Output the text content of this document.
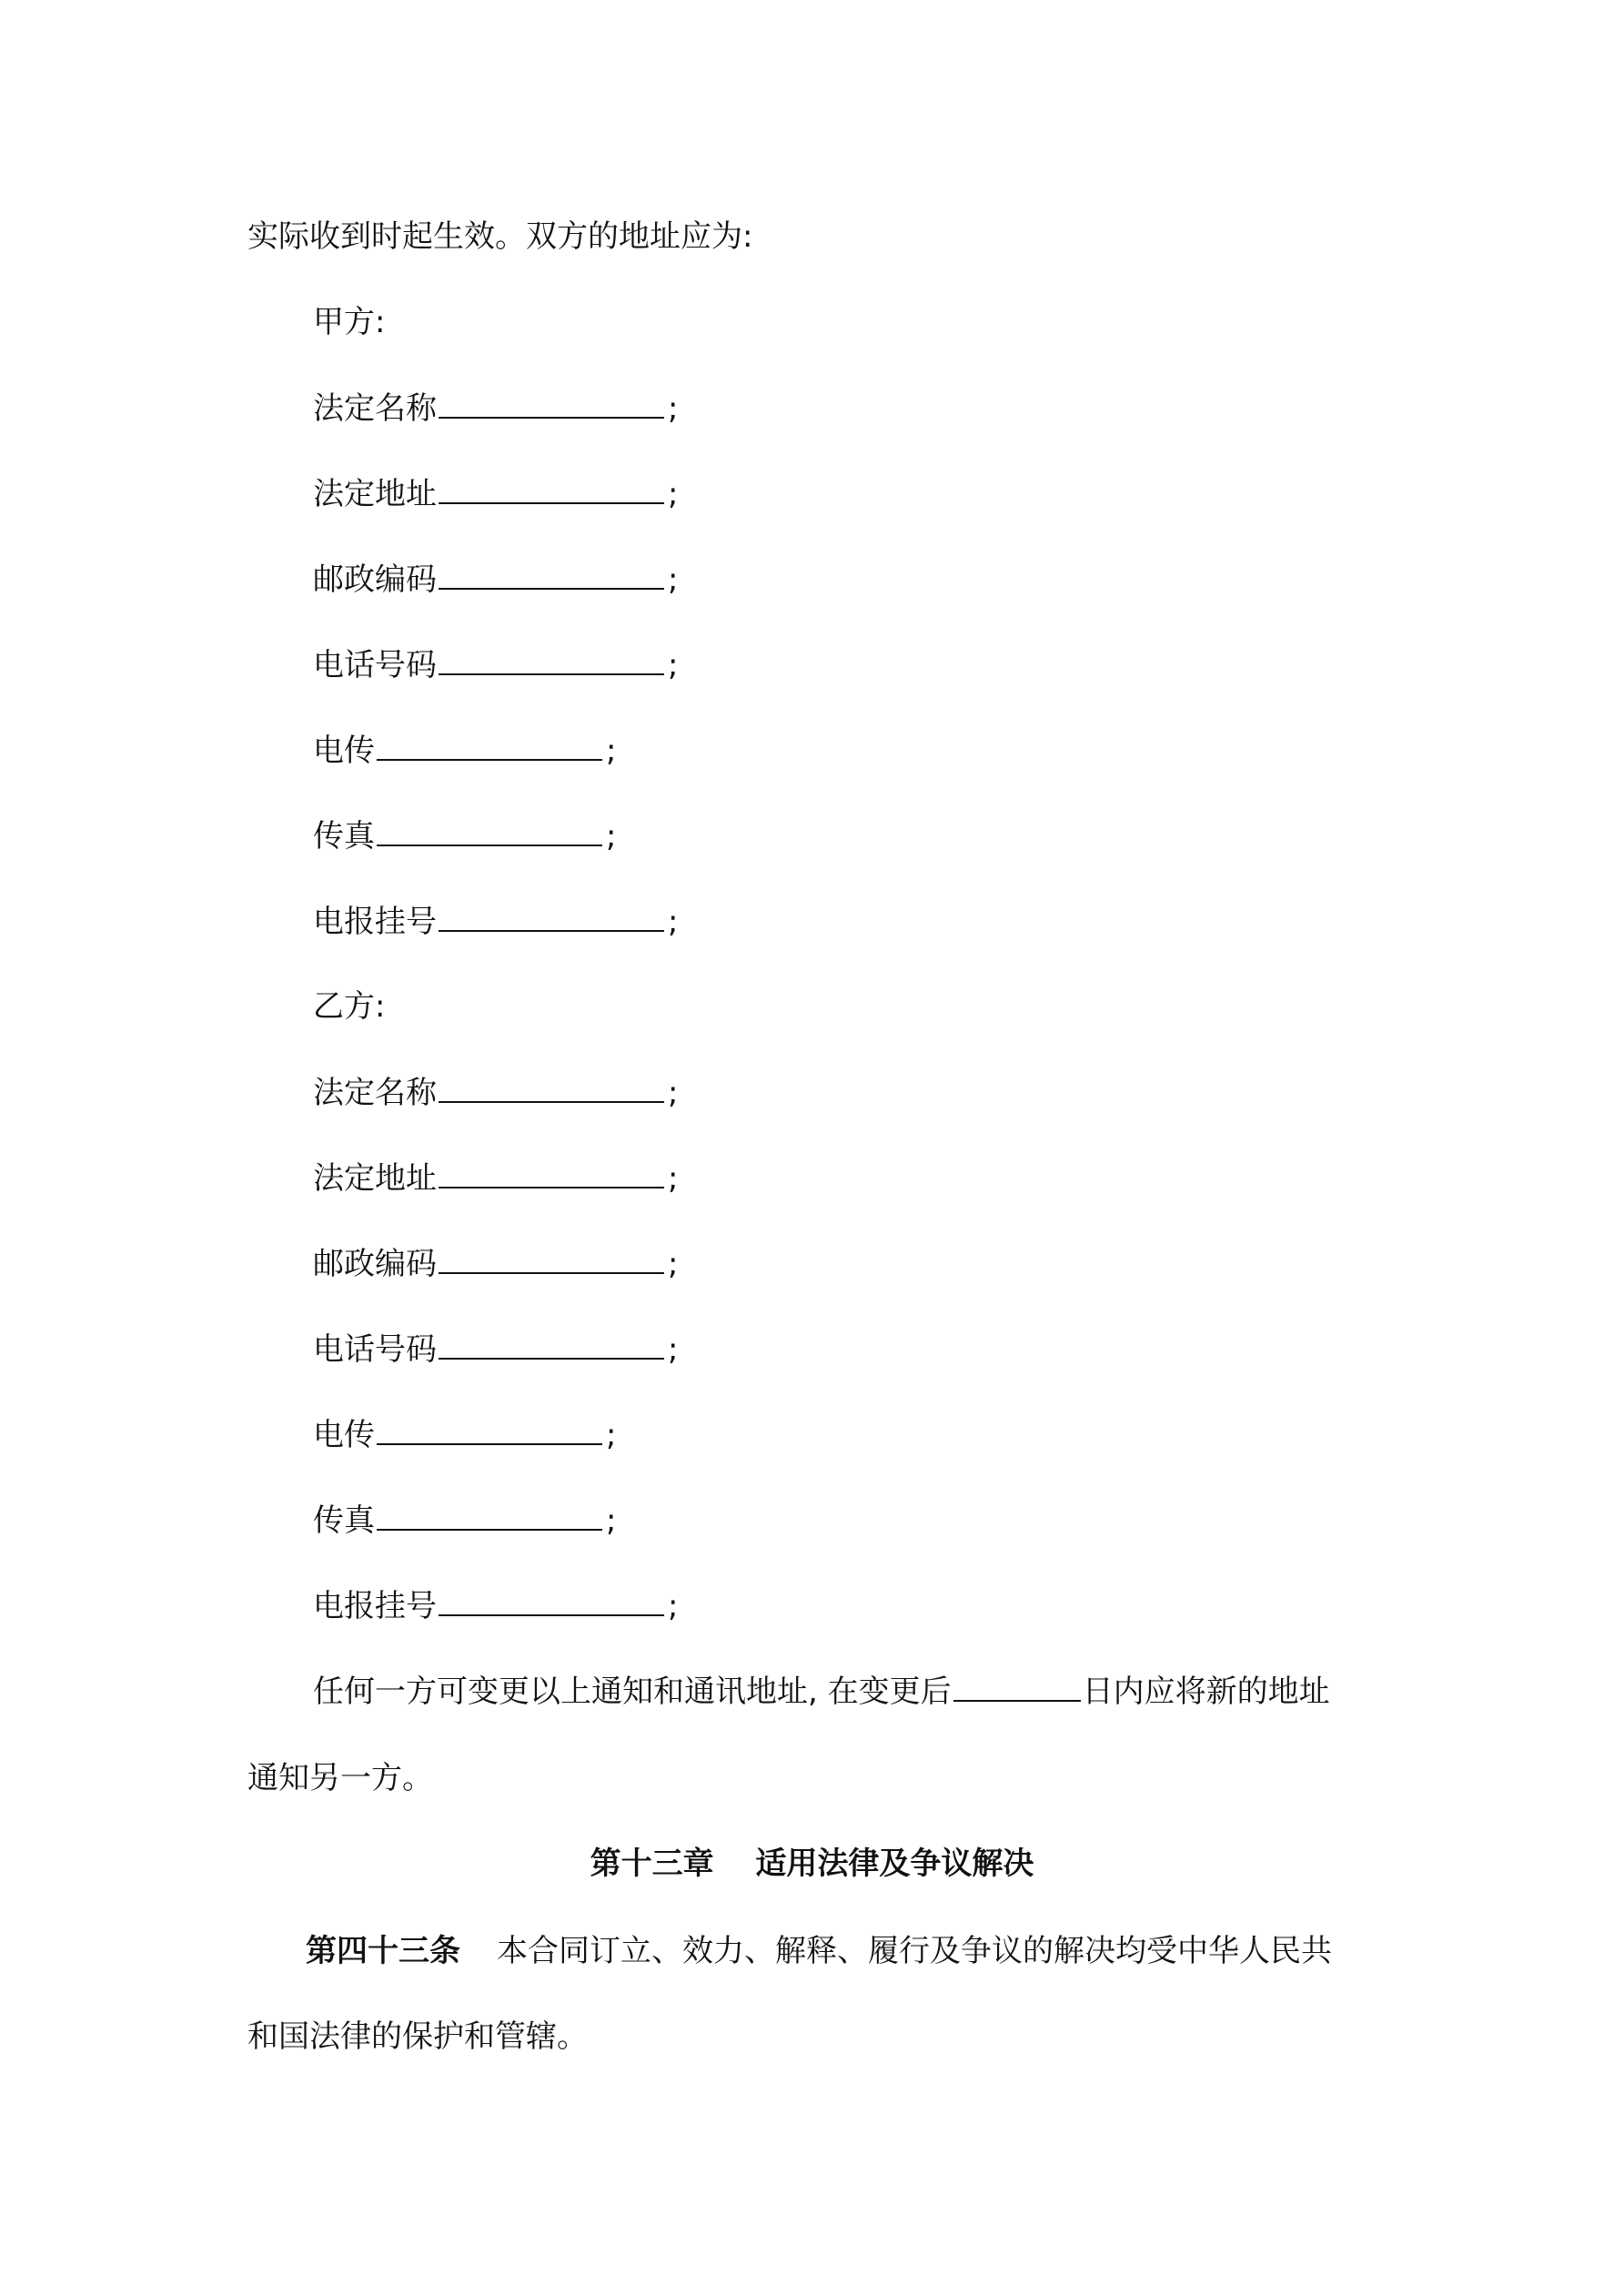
实际收到时起生效。双方的地址应为:
甲方:
法定名称	;
法定地址	;
邮政编码	;
电话号码	;
电传	;
传真	;
电报挂号	;
乙方:
法定名称	;
法定地址	;
邮政编码	;
电话号码	;
电传	;
传真	;
电报挂号	;
任何一方可变更以上通知和通讯地址, 在变更后	日内应将新的地址
通知另一方。
第十三章　 适用法律及争议解决
第四十三条 本合同订立、效力、解释、履行及争议的解决均受中华人民共
和国法律的保护和管辖。
